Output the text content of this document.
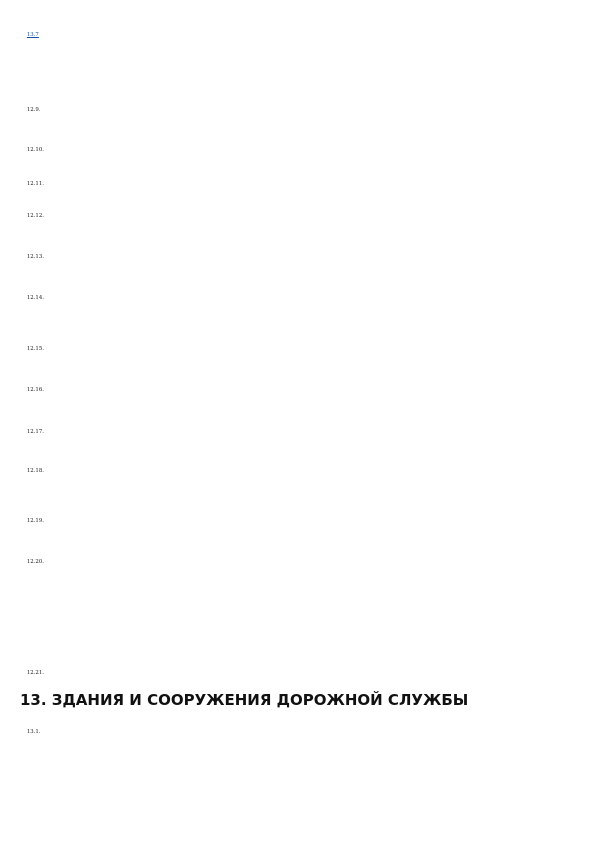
13.7

12.9.

12.10.

12.11.

12.12.

12.13.

12.14.

12.15.

12.16.

12.17.

12.18.

12.19.

12.20.

12.21.

13. ЗДАНИЯ И СООРУЖЕНИЯ ДОРОЖНОЙ СЛУЖБЫ

13.1.
